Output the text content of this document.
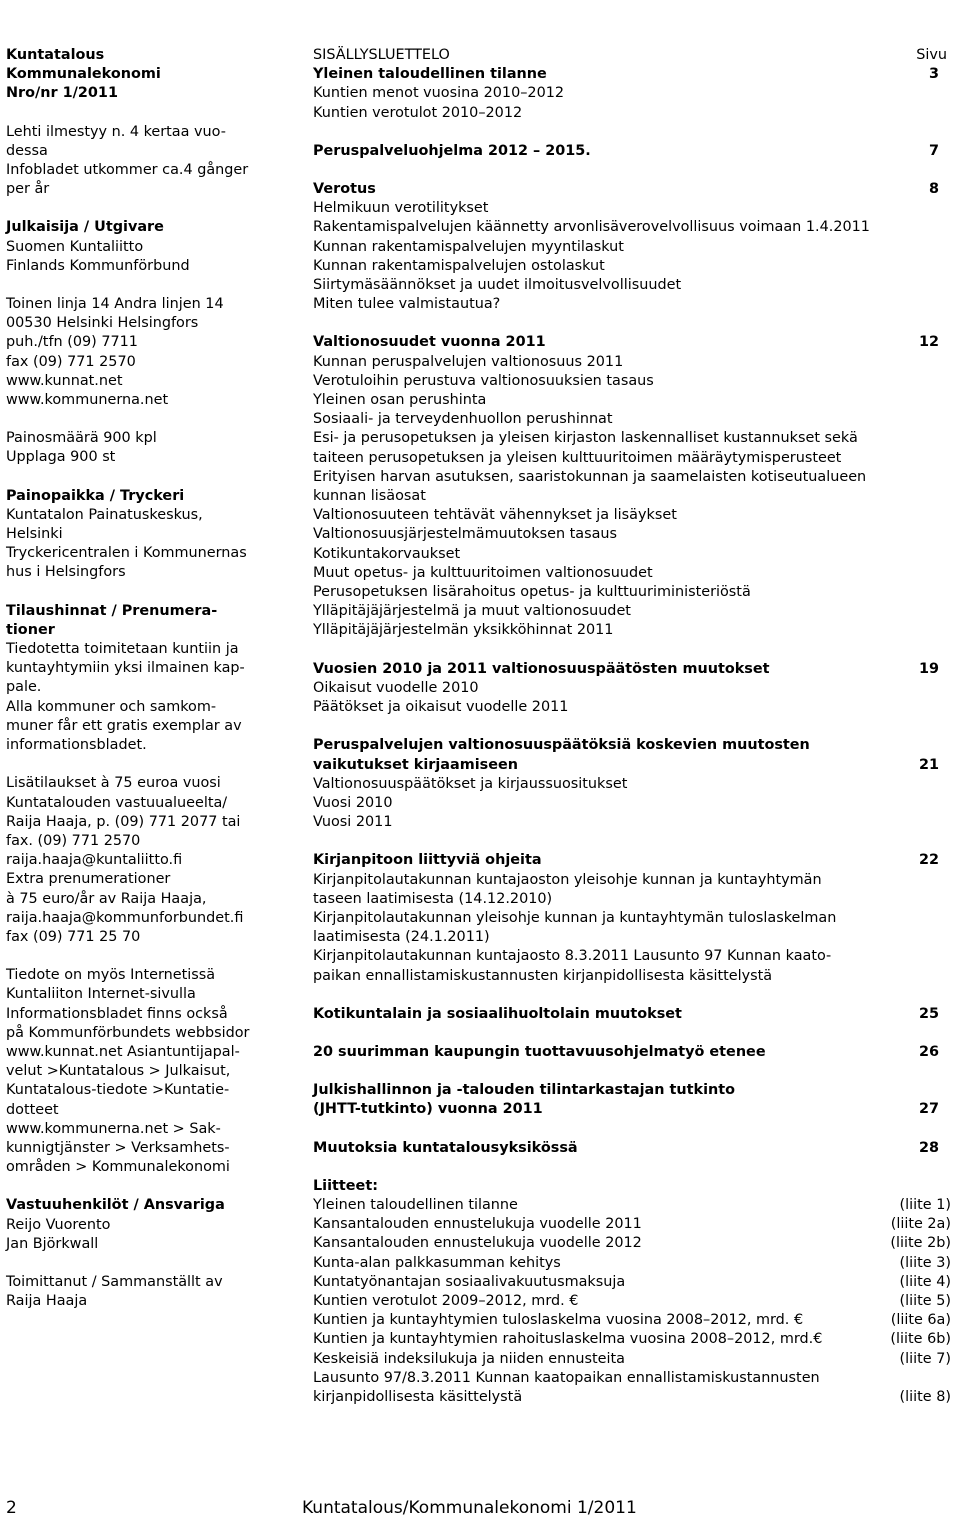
Kuntatalous
Kommunalekonomi
Nro/nr 1/2011
Lehti ilmestyy n. 4 kertaa vuo-
dessa
Infobladet utkommer ca.4 gånger
per år
Julkaisija / Utgivare
Suomen Kuntaliitto
Finlands Kommunförbund
Toinen linja 14 Andra linjen 14
00530 Helsinki Helsingfors
puh./tfn (09) 7711
fax (09) 771 2570
www.kunnat.net
www.kommunerna.net
Painosmäärä 900 kpl
Upplaga 900 st
Painopaikka / Tryckeri
Kuntatalon Painatuskeskus,
Helsinki
Tryckericentralen i Kommunernas
hus i Helsingfors
Tilaushinnat / Prenumera-
tioner
Tiedotetta toimitetaan kuntiin ja
kuntayhtymiin yksi ilmainen kap-
pale.
Alla kommuner och samkom-
muner får ett gratis exemplar av
informationsbladet.
Lisätilaukset à 75 euroa vuosi
Kuntatalouden vastuualueelta/
Raija Haaja, p. (09) 771 2077 tai
fax. (09) 771 2570
raija.haaja@kuntaliitto.fi
Extra prenumerationer
à 75 euro/år av Raija Haaja,
raija.haaja@kommunforbundet.fi
fax (09) 771 25 70
Tiedote on myös Internetissä
Kuntaliiton Internet-sivulla
Informationsbladet finns också
på Kommunförbundets webbsidor
www.kunnat.net Asiantuntijapal-
velut >Kuntatalous > Julkaisut,
Kuntatalous-tiedote >Kuntatie-
dotteet
www.kommunerna.net > Sak-
kunnigtjänster > Verksamhets-
områden > Kommunalekonomi
Vastuuhenkilöt / Ansvariga
Reijo Vuorento
Jan Björkwall
Toimittanut / Sammanställt av
Raija Haaja
SISÄLLYSLUETTELO	Sivu
Yleinen taloudellinen tilanne	3
Kuntien menot vuosina 2010–2012
Kuntien verotulot 2010–2012
Peruspalveluohjelma 2012 – 2015.	7
Verotus	8
Helmikuun verotilitykset
Rakentamispalvelujen käännetty arvonlisäverovelvollisuus voimaan 1.4.2011
Kunnan rakentamispalvelujen myyntilaskut
Kunnan rakentamispalvelujen ostolaskut
Siirtymäsäännökset ja uudet ilmoitusvelvollisuudet
Miten tulee valmistautua?
Valtionosuudet vuonna 2011	12
Kunnan peruspalvelujen valtionosuus 2011
Verotuloihin perustuva valtionosuuksien tasaus
Yleinen osan perushinta
Sosiaali- ja terveydenhuollon perushinnat
Esi- ja perusopetuksen ja yleisen kirjaston laskennalliset kustannukset sekä
taiteen perusopetuksen ja yleisen kulttuuritoimen määräytymisperusteet
Erityisen harvan asutuksen, saaristokunnan ja saamelaisten kotiseutualueen
kunnan lisäosat
Valtionosuuteen tehtävät vähennykset ja lisäykset
Valtionosuusjärjestelmämuutoksen tasaus
Kotikuntakorvaukset
Muut opetus- ja kulttuuritoimen valtionosuudet
Perusopetuksen lisärahoitus opetus- ja kulttuuriministeriöstä
Ylläpitäjäjärjestelmä ja muut valtionosuudet
Ylläpitäjäjärjestelmän yksikköhinnat 2011
Vuosien 2010 ja 2011 valtionosuuspäätösten muutokset	19
Oikaisut vuodelle 2010
Päätökset ja oikaisut vuodelle 2011
Peruspalvelujen valtionosuuspäätöksiä koskevien muutosten
vaikutukset kirjaamiseen	21
Valtionosuuspäätökset ja kirjaussuositukset
Vuosi 2010
Vuosi 2011
Kirjanpitoon liittyviä ohjeita	22
Kirjanpitolautakunnan kuntajaoston yleisohje kunnan ja kuntayhtymän
taseen laatimisesta (14.12.2010)
Kirjanpitolautakunnan yleisohje kunnan ja kuntayhtymän tuloslaskelman
laatimisesta (24.1.2011)
Kirjanpitolautakunnan kuntajaosto 8.3.2011 Lausunto 97 Kunnan kaato-
paikan ennallistamiskustannusten kirjanpidollisesta käsittelystä
Kotikuntalain ja sosiaalihuoltolain muutokset	25
20 suurimman kaupungin tuottavuusohjelmatyö etenee	26
Julkishallinnon ja -talouden tilintarkastajan tutkinto
(JHTT-tutkinto) vuonna 2011	27
Muutoksia kuntatalousyksikössä	28
Liitteet:
Yleinen taloudellinen tilanne	(liite 1)
Kansantalouden ennustelukuja vuodelle 2011	(liite 2a)
Kansantalouden ennustelukuja vuodelle 2012	(liite 2b)
Kunta-alan palkkasumman kehitys	(liite 3)
Kuntatyönantajan sosiaalivakuutusmaksuja	(liite 4)
Kuntien verotulot 2009–2012, mrd. €	(liite 5)
Kuntien ja kuntayhtymien tuloslaskelma vuosina 2008–2012, mrd. €	(liite 6a)
Kuntien ja kuntayhtymien rahoituslaskelma vuosina 2008–2012, mrd.€	(liite 6b)
Keskeisiä indeksilukuja ja niiden ennusteita	(liite 7)
Lausunto 97/8.3.2011 Kunnan kaatopaikan ennallistamiskustannusten
kirjanpidollisesta käsittelystä	(liite 8)
2	Kuntatalous/Kommunalekonomi 1/2011
